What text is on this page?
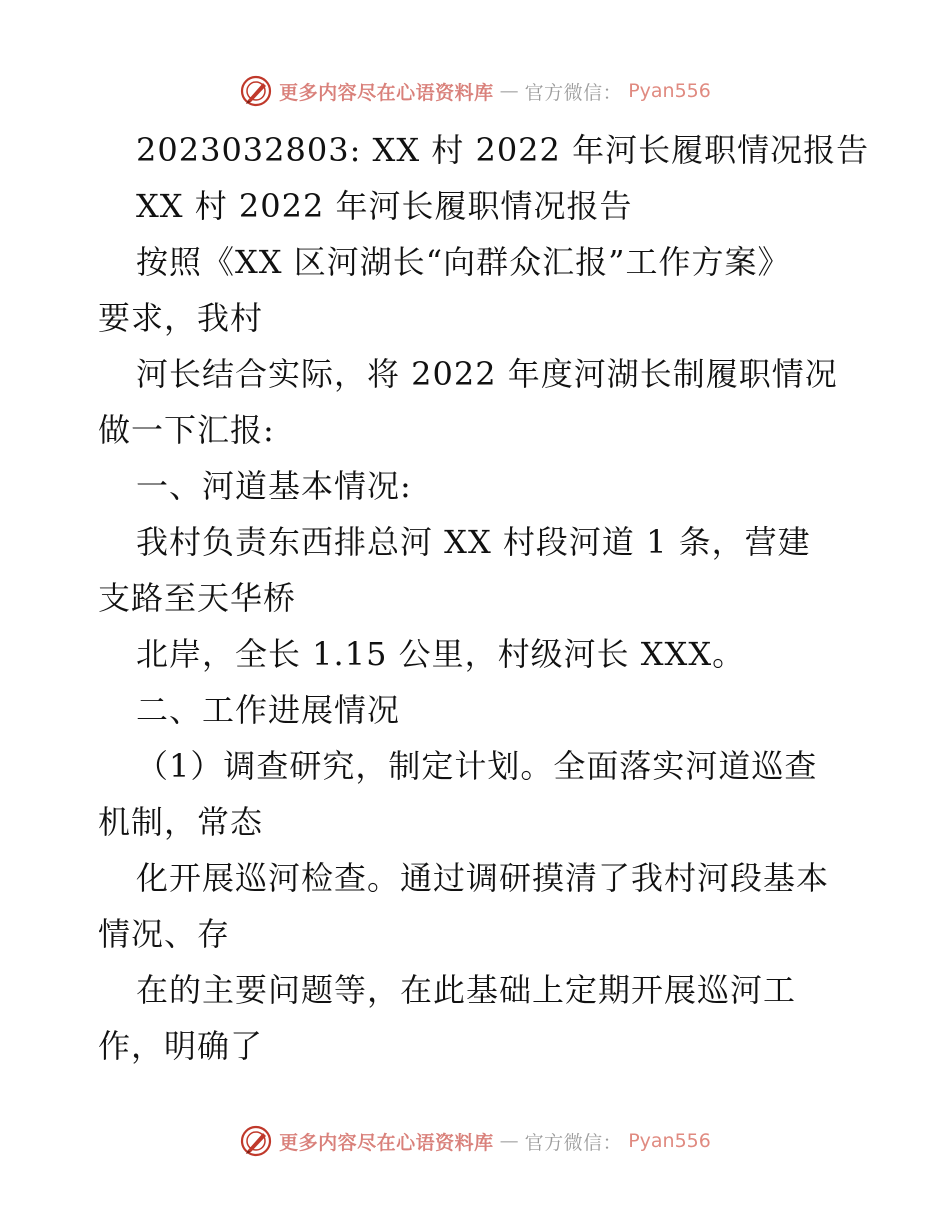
更多内容尽在心语资料库 — 官方微信： Pyan556
2023032803: XX 村 2022 年河长履职情况报告
XX 村 2022 年河长履职情况报告
按照《XX 区河湖长“向群众汇报”工作方案》
要求，我村
河长结合实际，将 2022 年度河湖长制履职情况
做一下汇报:
一、河道基本情况:
我村负责东西排总河 XX 村段河道 1 条，营建
支路至天华桥
北岸，全长 1.15 公里，村级河长 XXX。
二、工作进展情况
（1）调查研究，制定计划。全面落实河道巡查
机制，常态
化开展巡河检查。通过调研摸清了我村河段基本
情况、存
在的主要问题等，在此基础上定期开展巡河工
作，明确了
更多内容尽在心语资料库 — 官方微信： Pyan556
